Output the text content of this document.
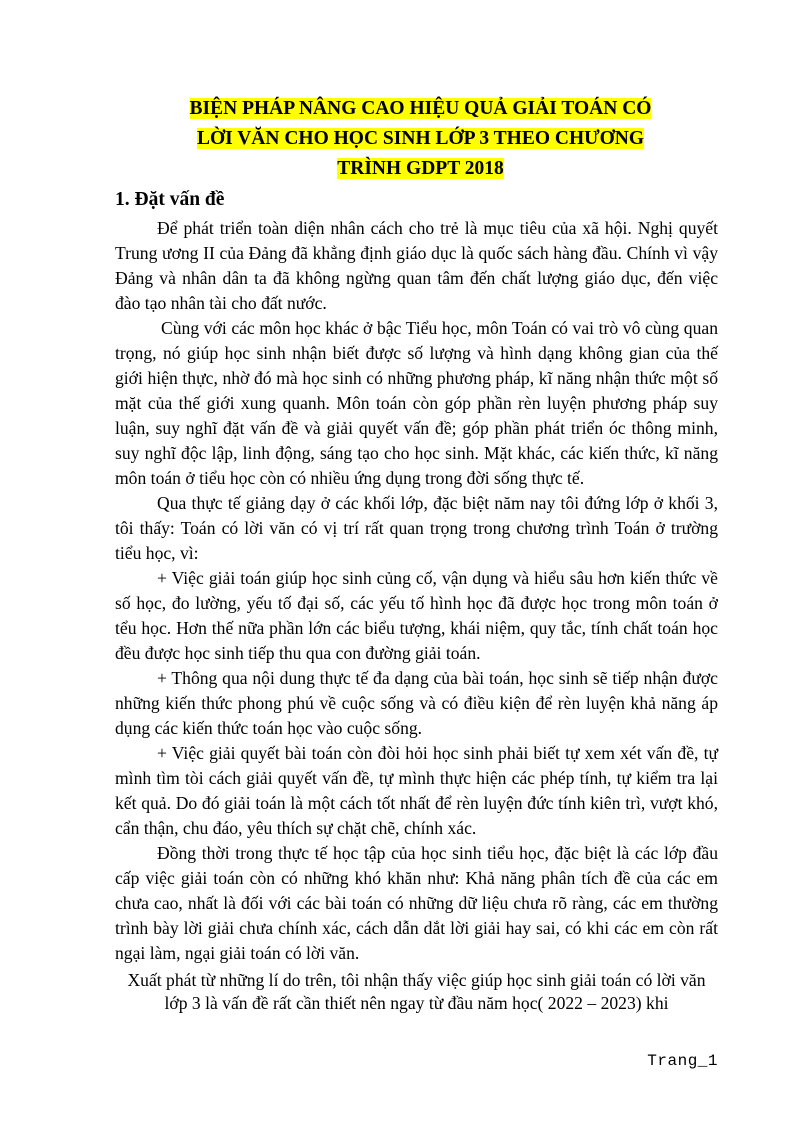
BIỆN PHÁP NÂNG CAO HIỆU QUẢ GIẢI TOÁN CÓ
LỜI VĂN CHO HỌC SINH LỚP 3 THEO CHƯƠNG
TRÌNH GDPT 2018
1. Đặt vấn đề

Để phát triển toàn diện nhân cách cho trẻ là mục tiêu của xã hội. Nghị quyết Trung ương II của Đảng đã khẳng định giáo dục là quốc sách hàng đầu. Chính vì vậy Đảng và nhân dân ta đã không ngừng quan tâm đến chất lượng giáo dục, đến việc đào tạo nhân tài cho đất nước.

Cùng với các môn học khác ở bậc Tiểu học, môn Toán có vai trò vô cùng quan trọng, nó giúp học sinh nhận biết được số lượng và hình dạng không gian của thế giới hiện thực, nhờ đó mà học sinh có những phương pháp, kĩ năng nhận thức một số mặt của thế giới xung quanh. Môn toán còn góp phần rèn luyện phương pháp suy luận, suy nghĩ đặt vấn đề và giải quyết vấn đề; góp phần phát triển óc thông minh, suy nghĩ độc lập, linh động, sáng tạo cho học sinh. Mặt khác, các kiến thức, kĩ năng môn toán ở tiểu học còn có nhiều ứng dụng trong đời sống thực tế.

Qua thực tế giảng dạy ở các khối lớp, đặc biệt năm nay tôi đứng lớp ở khối 3, tôi thấy: Toán có lời văn có vị trí rất quan trọng trong chương trình Toán ở trường tiểu học, vì:

+ Việc giải toán giúp học sinh củng cố, vận dụng và hiểu sâu hơn kiến thức về số học, đo lường, yếu tố đại số, các yếu tố hình học đã được học trong môn toán ở tểu học. Hơn thế nữa phần lớn các biểu tượng, khái niệm, quy tắc, tính chất toán học đều được học sinh tiếp thu qua con đường giải toán.

+ Thông qua nội dung thực tế đa dạng của bài toán, học sinh sẽ tiếp nhận được những kiến thức phong phú về cuộc sống và có điều kiện để rèn luyện khả năng áp dụng các kiến thức toán học vào cuộc sống.

+ Việc giải quyết bài toán còn đòi hỏi học sinh phải biết tự xem xét vấn đề, tự mình tìm tòi cách giải quyết vấn đề, tự mình thực hiện các phép tính, tự kiểm tra lại kết quả. Do đó giải toán là một cách tốt nhất để rèn luyện đức tính kiên trì, vượt khó, cẩn thận, chu đáo, yêu thích sự chặt chẽ, chính xác.

Đồng thời trong thực tế học tập của học sinh tiểu học, đặc biệt là các lớp đầu cấp việc giải toán còn có những khó khăn như: Khả năng phân tích đề của các em chưa cao, nhất là đối với các bài toán có những dữ liệu chưa rõ ràng, các em thường trình bày lời giải chưa chính xác, cách dẫn dắt lời giải hay sai, có khi các em còn rất ngại làm, ngại giải toán có lời văn.

Xuất phát từ những lí do trên, tôi nhận thấy việc giúp học sinh giải toán có lời văn lớp 3 là vấn đề rất cần thiết nên ngay từ đầu năm học( 2022 – 2023) khi

Trang_1
